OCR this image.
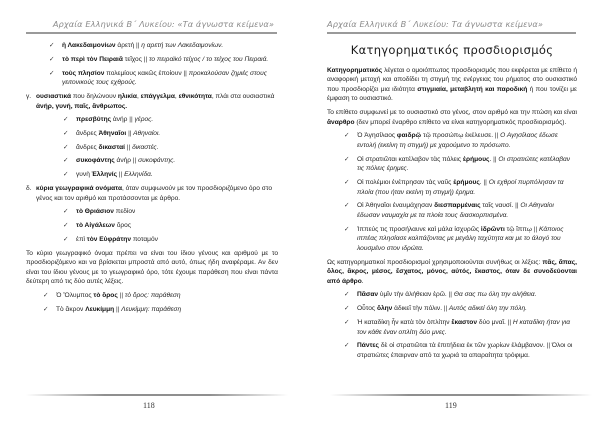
Αρχαία Ελληνικά Β΄ Λυκείου: «Τα άγνωστα κείμενα»
✓ ἡ Λακεδαιμονίων ἀρετή || η αρετή των Λακεδαιμονίων.
✓ τὸ περὶ τὸν Πειραιᾶ τεῖχος || το πειραϊκό τείχος / το τείχος του Πειραιά.
✓ τοὺς πλησίον πολεμίους κακῶς ἐποίουν || προκαλούσαν ζημιές στους γειτονικούς τους εχθρούς.
γ. ουσιαστικά που δηλώνουν ηλικία, επάγγελμα, εθνικότητα, πλάι στα ουσιαστικά ἀνήρ, γυνή, παῖς, ἄνθρωπος.
✓ πρεσβύτης ἀνήρ || γέρος.
✓ ἄνδρες Ἀθηναῖοι || Αθηναίοι.
✓ ἄνδρες δικασταί || δικαστές.
✓ συκοφάντης ἀνήρ || συκοφάντης.
✓ γυνὴ Ἑλληνίς || Ελληνίδα.
δ. κύρια γεωγραφικά ονόματα, όταν συμφωνούν με τον προσδιοριζόμενο όρο στο γένος και τον αριθμό και προτάσσονται με άρθρο.
✓ τὸ Θριάσιον πεδίον
✓ τὸ Αἰγάλεων ὄρος
✓ ἐπὶ τὸν Εὐφράτην ποταμόν

Το κύριο γεωγραφικό όνομα πρέπει να είναι του ίδιου γένους και αριθμού με το προσδιοριζόμενο και να βρίσκεται μπροστά από αυτό, όπως ήδη αναφέραμε. Αν δεν είναι του ίδιου γένους με το γεωγραφικό όρο, τότε έχουμε παράθεση που είναι πάντα δεύτερη από τις δύο αυτές λέξεις.

✓ Ὁ Ὄλυμπος τὸ ὄρος || τὸ ὄρος: παράθεση
✓ Τὸ ἄκρον Λευκίμμη || Λευκίμμη: παράθεση
118
Αρχαία Ελληνικά Β΄ Λυκείου: Τα άγνωστα κείμενα»
Κατηγορηματικός προσδιορισμός

Κατηγορηματικός λέγεται ο ομοιόπτωτος προσδιορισμός που εκφέρεται με επίθετο ή αναφορική μετοχή και αποδίδει τη στιγμή της ενέργειας του ρήματος στο ουσιαστικό που προσδιορίζει μια ιδιότητα στιγμιαία, μεταβλητή και παροδική ή που τονίζει με έμφαση το ουσιαστικό.

Το επίθετο συμφωνεί με το ουσιαστικό στο γένος, στον αριθμό και την πτώση και είναι ἄναρθρο (δεν μπορεί έναρθρο επίθετο να είναι κατηγορηματικός προσδιορισμός).

✓ Ὁ Ἀγησίλαος φαιδρῷ τῷ προσώπῳ ἐκέλευσε. || Ο Αγησίλαος έδωσε εντολή (εκείνη τη στιγμή) με χαρούμενο το πρόσωπο.
✓ Οἱ στρατιῶται κατέλαβον τὰς πόλεις ἐρήμους. || Οι στρατιώτες κατέλαβαν τις πόλεις έρημες.
✓ Οἱ πολέμιοι ἐνέπρησαν τὰς ναῦς ἐρήμους. || Οι εχθροί πυρπόλησαν τα πλοία (που ήταν εκείνη τη στιγμή) έρημα.
✓ Οἱ Ἀθηναῖοι ἐναυμάχησαν διεσπαρμέναις ταῖς ναυσί. || Οι Αθηναίοι έδωσαν ναυμαχία με τα πλοία τους διασκορπισμένα.
✓ Ἱππεύς τις προσήλαυνε καὶ μάλα ἰσχυρῶς ἱδρῶντι τῷ ἵππῳ || Κάποιος ιππέας πλησίασε καλπάζοντας με μεγάλη ταχύτητα και με το άλογό του λουσμένο στον ιδρώτα.

Ως κατηγορηματικοί προσδιορισμοί χρησιμοποιούνται συνήθως οι λέξεις: πᾶς, ἅπας, ὅλος, ἄκρος, μέσος, ἔσχατος, μόνος, αὐτός, ἕκαστος, όταν δε συνοδεύονται από άρθρο.

✓ Πᾶσαν ὑμῖν τὴν ἀλήθειαν ἐρῶ. || Θα σας πω όλη την αλήθεια.
✓ Οὗτος ὅλην ἀδικεῖ τὴν πόλιν. || Αυτός αδικεί όλη την πόλη.
✓ Ἡ καταδίκη ἦν κατὰ τὸν ὁπλίτην ἕκαστον δύο μναῖ. || Η καταδίκη ήταν για τον κάθε έναν οπλίτη δύο μνες.
✓ Πάντες δὲ οἱ στρατιῶται τὰ ἐπιτήδεια ἐκ τῶν χωρίων ἐλάμβανον. || Όλοι οι στρατιώτες έπαιρναν από τα χωριά τα απαραίτητα τρόφιμα.
119
